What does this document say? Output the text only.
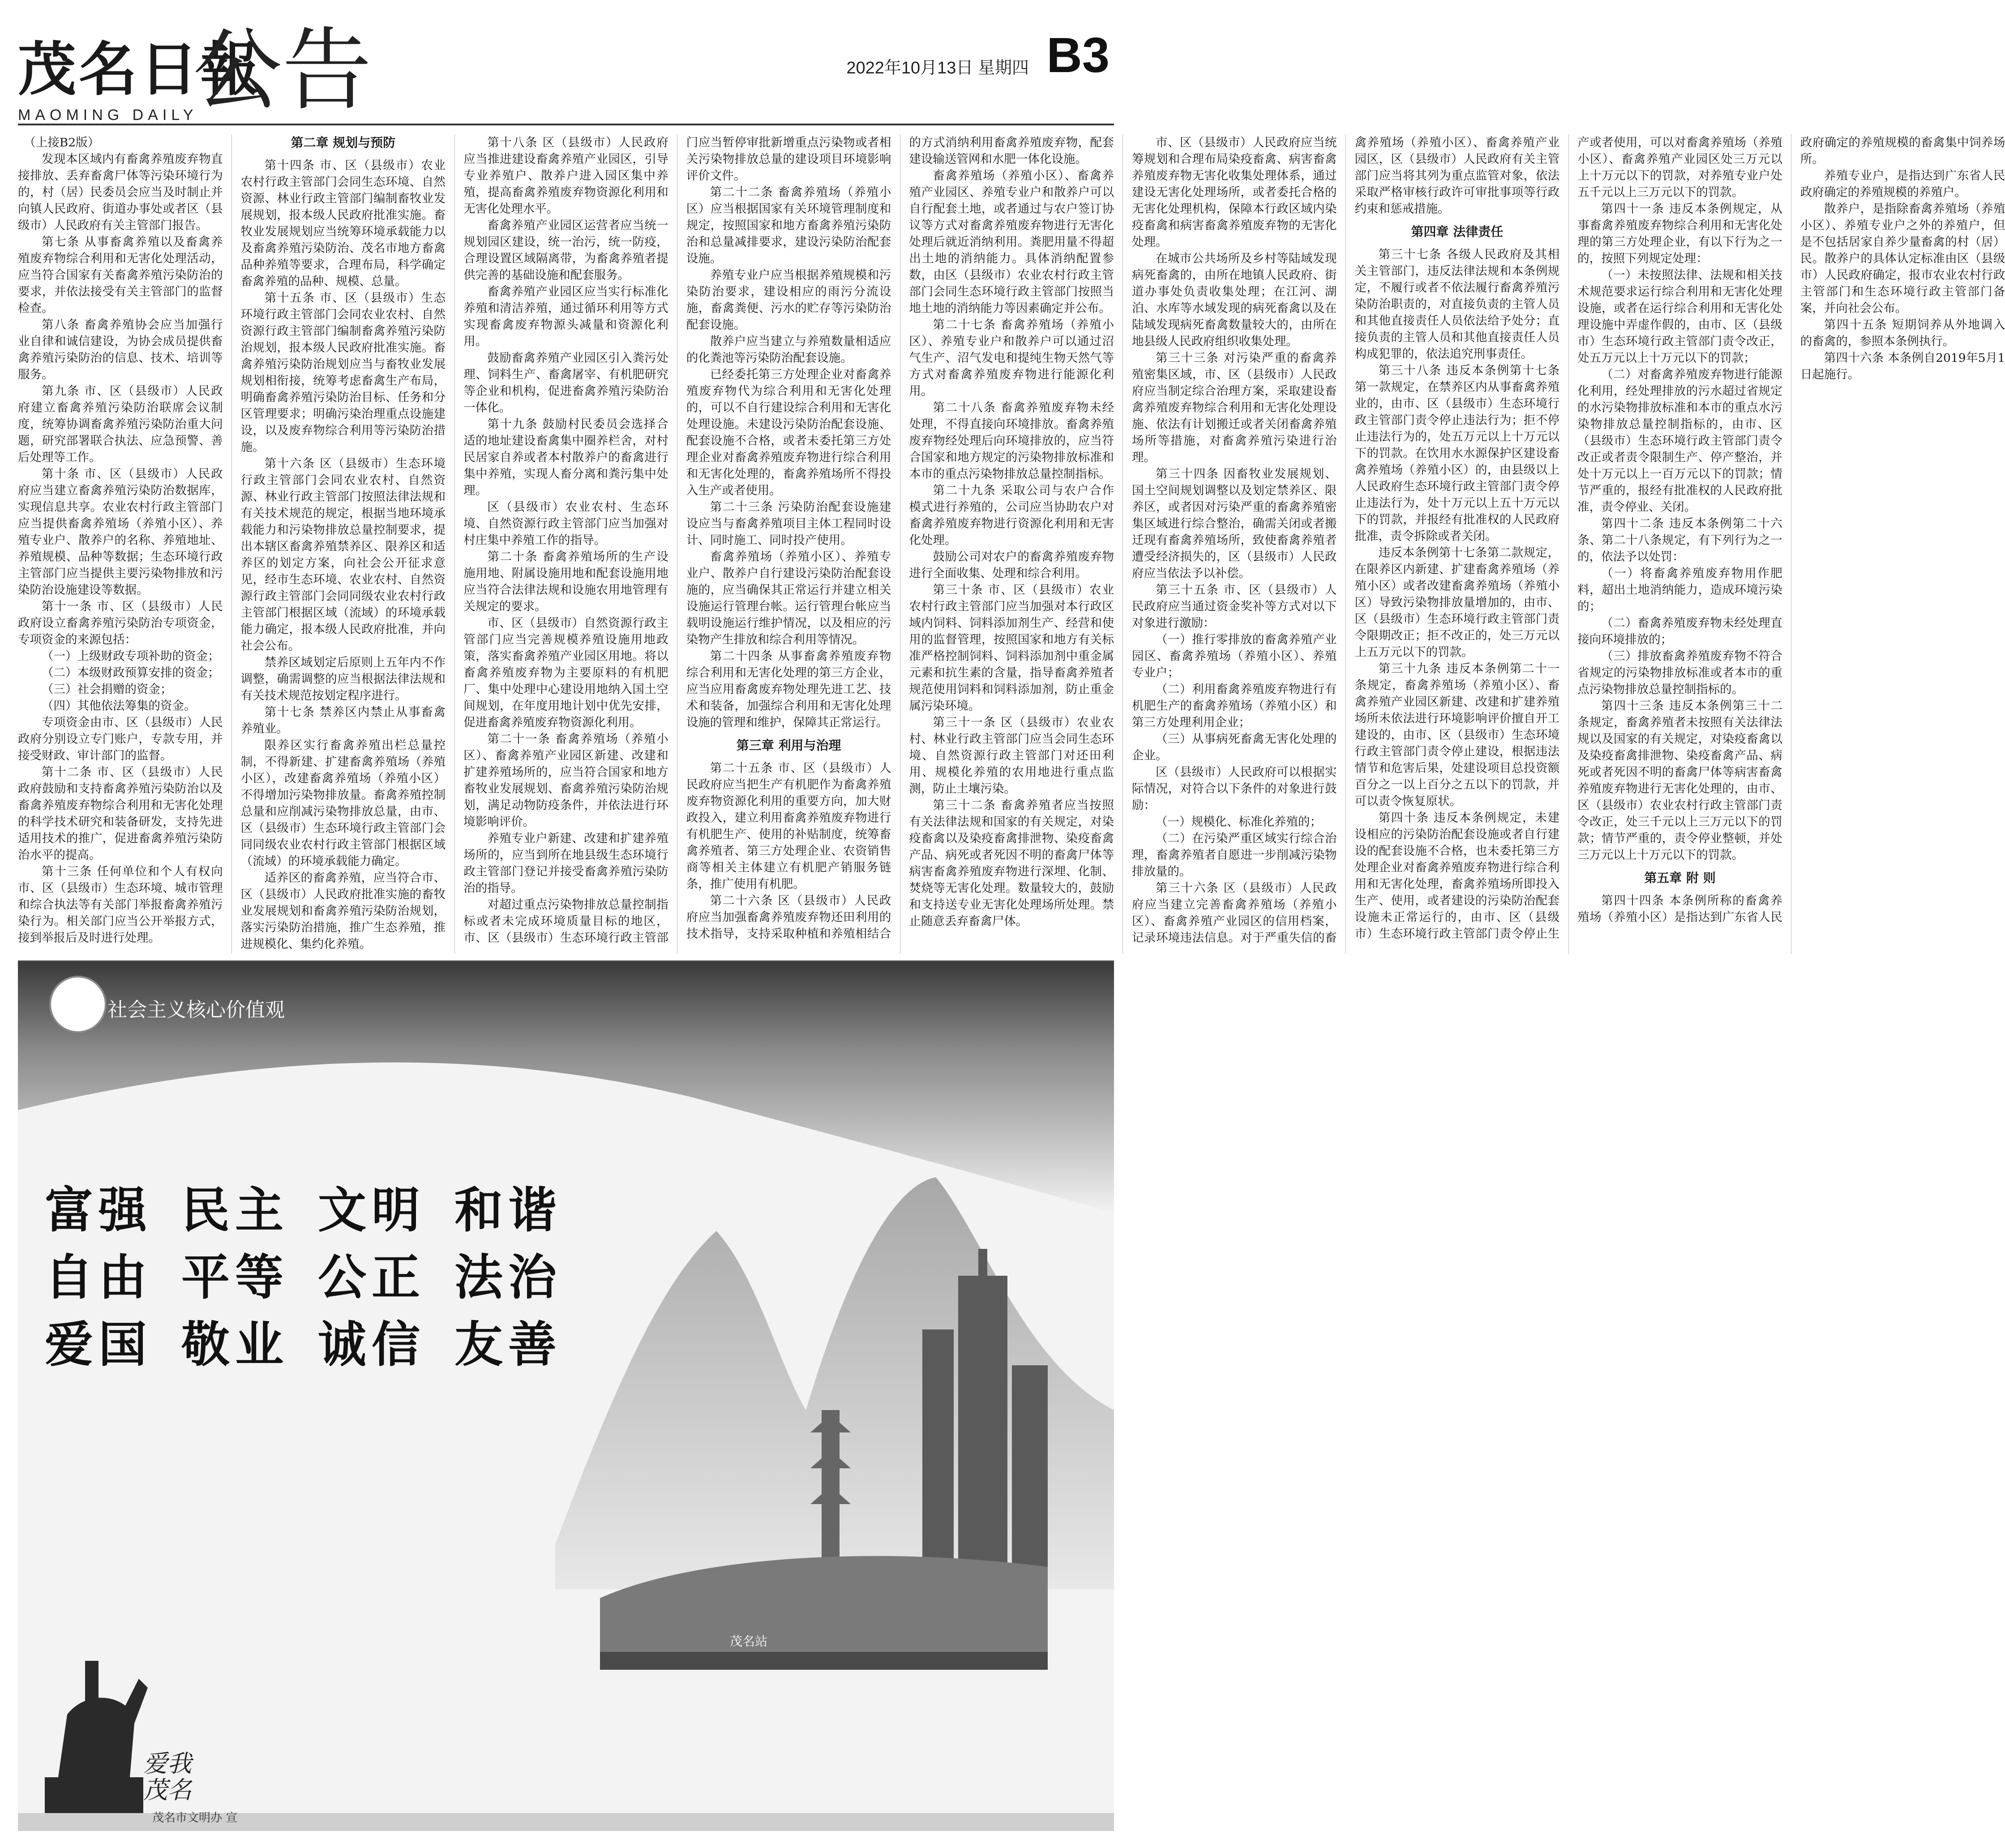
茂名日報
MAOMING DAILY
公告	2022年10月13日 星期四 B3

（上接B2版）

发现本区域内有畜禽养殖废弃物直接排放、丢弃畜禽尸体等污染环境行为的，村（居）民委员会应当及时制止并向镇人民政府、街道办事处或者区（县级市）人民政府有关主管部门报告。

第七条 从事畜禽养殖以及畜禽养殖废弃物综合利用和无害化处理活动，应当符合国家有关畜禽养殖污染防治的要求，并依法接受有关主管部门的监督检查。

第八条 畜禽养殖协会应当加强行业自律和诚信建设，为协会成员提供畜禽养殖污染防治的信息、技术、培训等服务。

第九条 市、区（县级市）人民政府建立畜禽养殖污染防治联席会议制度，统筹协调畜禽养殖污染防治重大问题，研究部署联合执法、应急预警、善后处理等工作。

第十条 市、区（县级市）人民政府应当建立畜禽养殖污染防治数据库，实现信息共享。农业农村行政主管部门应当提供畜禽养殖场（养殖小区）、养殖专业户、散养户的名称、养殖地址、养殖规模、品种等数据；生态环境行政主管部门应当提供主要污染物排放和污染防治设施建设等数据。

第十一条 市、区（县级市）人民政府设立畜禽养殖污染防治专项资金，专项资金的来源包括：

（一）上级财政专项补助的资金；

（二）本级财政预算安排的资金；

（三）社会捐赠的资金；

（四）其他依法筹集的资金。

专项资金由市、区（县级市）人民政府分别设立专门账户，专款专用，并接受财政、审计部门的监督。

第十二条 市、区（县级市）人民政府鼓励和支持畜禽养殖污染防治以及畜禽养殖废弃物综合利用和无害化处理的科学技术研究和装备研发，支持先进适用技术的推广，促进畜禽养殖污染防治水平的提高。

第十三条 任何单位和个人有权向市、区（县级市）生态环境、城市管理和综合执法等有关部门举报畜禽养殖污染行为。相关部门应当公开举报方式，接到举报后及时进行处理。

第二章 规划与预防

第十四条 市、区（县级市）农业农村行政主管部门会同生态环境、自然资源、林业行政主管部门编制畜牧业发展规划，报本级人民政府批准实施。畜牧业发展规划应当统筹环境承载能力以及畜禽养殖污染防治、茂名市地方畜禽品种养殖等要求，合理布局，科学确定畜禽养殖的品种、规模、总量。

第十五条 市、区（县级市）生态环境行政主管部门会同农业农村、自然资源行政主管部门编制畜禽养殖污染防治规划，报本级人民政府批准实施。畜禽养殖污染防治规划应当与畜牧业发展规划相衔接，统筹考虑畜禽生产布局，明确畜禽养殖污染防治目标、任务和分区管理要求；明确污染治理重点设施建设，以及废弃物综合利用等污染防治措施。

第十六条 区（县级市）生态环境行政主管部门会同农业农村、自然资源、林业行政主管部门按照法律法规和有关技术规范的规定，根据当地环境承载能力和污染物排放总量控制要求，提出本辖区畜禽养殖禁养区、限养区和适养区的划定方案，向社会公开征求意见，经市生态环境、农业农村、自然资源行政主管部门会同同级农业农村行政主管部门根据区域（流域）的环境承载能力确定，报本级人民政府批准，并向社会公布。

禁养区域划定后原则上五年内不作调整，确需调整的应当根据法律法规和有关技术规范按划定程序进行。

第十七条 禁养区内禁止从事畜禽养殖业。

限养区实行畜禽养殖出栏总量控制，不得新建、扩建畜禽养殖场（养殖小区），改建畜禽养殖场（养殖小区）不得增加污染物排放量。畜禽养殖控制总量和应削减污染物排放总量，由市、区（县级市）生态环境行政主管部门会同同级农业农村行政主管部门根据区域（流域）的环境承载能力确定。

适养区的畜禽养殖，应当符合市、区（县级市）人民政府批准实施的畜牧业发展规划和畜禽养殖污染防治规划，落实污染防治措施，推广生态养殖，推进规模化、集约化养殖。

第十八条 区（县级市）人民政府应当推进建设畜禽养殖产业园区，引导专业养殖户、散养户进入园区集中养殖，提高畜禽养殖废弃物资源化利用和无害化处理水平。

畜禽养殖产业园区运营者应当统一规划园区建设，统一治污，统一防疫，合理设置区域隔离带，为畜禽养殖者提供完善的基础设施和配套服务。

畜禽养殖产业园区应当实行标准化养殖和清洁养殖，通过循环利用等方式实现畜禽废弃物源头减量和资源化利用。

鼓励畜禽养殖产业园区引入粪污处理、饲料生产、畜禽屠宰、有机肥研究等企业和机构，促进畜禽养殖污染防治一体化。

第十九条 鼓励村民委员会选择合适的地址建设畜禽集中圈养栏舍，对村民居家自养或者本村散养户的畜禽进行集中养殖，实现人畜分离和粪污集中处理。

区（县级市）农业农村、生态环境、自然资源行政主管部门应当加强对村庄集中养殖工作的指导。

第二十条 畜禽养殖场所的生产设施用地、附属设施用地和配套设施用地应当符合法律法规和设施农用地管理有关规定的要求。

市、区（县级市）自然资源行政主管部门应当完善规模养殖设施用地政策，落实畜禽养殖产业园区用地。将以畜禽养殖废弃物为主要原料的有机肥厂、集中处理中心建设用地纳入国土空间规划，在年度用地计划中优先安排，促进畜禽养殖废弃物资源化利用。

第二十一条 畜禽养殖场（养殖小区）、畜禽养殖产业园区新建、改建和扩建养殖场所的，应当符合国家和地方畜牧业发展规划、畜禽养殖污染防治规划，满足动物防疫条件，并依法进行环境影响评价。

养殖专业户新建、改建和扩建养殖场所的，应当到所在地县级生态环境行政主管部门登记并接受畜禽养殖污染防治的指导。

对超过重点污染物排放总量控制指标或者未完成环境质量目标的地区，市、区（县级市）生态环境行政主管部门应当暂停审批新增重点污染物或者相关污染物排放总量的建设项目环境影响评价文件。

第二十二条 畜禽养殖场（养殖小区）应当根据国家有关环境管理制度和规定，按照国家和地方畜禽养殖污染防治和总量减排要求，建设污染防治配套设施。

养殖专业户应当根据养殖规模和污染防治要求，建设相应的雨污分流设施，畜禽粪便、污水的贮存等污染防治配套设施。

散养户应当建立与养殖数量相适应的化粪池等污染防治配套设施。

已经委托第三方处理企业对畜禽养殖废弃物代为综合利用和无害化处理的，可以不自行建设综合利用和无害化处理设施。未建设污染防治配套设施、配套设施不合格，或者未委托第三方处理企业对畜禽养殖废弃物进行综合利用和无害化处理的，畜禽养殖场所不得投入生产或者使用。

第二十三条 污染防治配套设施建设应当与畜禽养殖项目主体工程同时设计、同时施工、同时投产使用。

畜禽养殖场（养殖小区）、养殖专业户、散养户自行建设污染防治配套设施的，应当确保其正常运行并建立相关设施运行管理台帐。运行管理台帐应当载明设施运行维护情况，以及相应的污染物产生排放和综合利用等情况。

第二十四条 从事畜禽养殖废弃物综合利用和无害化处理的第三方企业，应当应用畜禽废弃物处理先进工艺、技术和装备，加强综合利用和无害化处理设施的管理和维护，保障其正常运行。

第三章 利用与治理

第二十五条 市、区（县级市）人民政府应当把生产有机肥作为畜禽养殖废弃物资源化利用的重要方向，加大财政投入，建立利用畜禽养殖废弃物进行有机肥生产、使用的补贴制度，统筹畜禽养殖者、第三方处理企业、农资销售商等相关主体建立有机肥产销服务链条，推广使用有机肥。

第二十六条 区（县级市）人民政府应当加强畜禽养殖废弃物还田利用的技术指导，支持采取种植和养殖相结合的方式消纳利用畜禽养殖废弃物，配套建设输送管网和水肥一体化设施。

畜禽养殖场（养殖小区）、畜禽养殖产业园区、养殖专业户和散养户可以自行配套土地，或者通过与农户签订协议等方式对畜禽养殖废弃物进行无害化处理后就近消纳利用。粪肥用量不得超出土地的消纳能力。具体消纳配置参数，由区（县级市）农业农村行政主管部门会同生态环境行政主管部门按照当地土地的消纳能力等因素确定并公布。

第二十七条 畜禽养殖场（养殖小区）、养殖专业户和散养户可以通过沼气生产、沼气发电和提纯生物天然气等方式对畜禽养殖废弃物进行能源化利用。

第二十八条 畜禽养殖废弃物未经处理，不得直接向环境排放。畜禽养殖废弃物经处理后向环境排放的，应当符合国家和地方规定的污染物排放标准和本市的重点污染物排放总量控制指标。

第二十九条 采取公司与农户合作模式进行养殖的，公司应当协助农户对畜禽养殖废弃物进行资源化利用和无害化处理。

鼓励公司对农户的畜禽养殖废弃物进行全面收集、处理和综合利用。

第三十条 市、区（县级市）农业农村行政主管部门应当加强对本行政区域内饲料、饲料添加剂生产、经营和使用的监督管理，按照国家和地方有关标准严格控制饲料、饲料添加剂中重金属元素和抗生素的含量，指导畜禽养殖者规范使用饲料和饲料添加剂，防止重金属污染环境。

第三十一条 区（县级市）农业农村、林业行政主管部门应当会同生态环境、自然资源行政主管部门对还田利用、规模化养殖的农用地进行重点监测，防止土壤污染。

第三十二条 畜禽养殖者应当按照有关法律法规和国家的有关规定，对染疫畜禽以及染疫畜禽排泄物、染疫畜禽产品、病死或者死因不明的畜禽尸体等病害畜禽养殖废弃物进行深埋、化制、焚烧等无害化处理。数量较大的，鼓励和支持送专业无害化处理场所处理。禁止随意丢弃畜禽尸体。

市、区（县级市）人民政府应当统筹规划和合理布局染疫畜禽、病害畜禽养殖废弃物无害化收集处理体系，通过建设无害化处理场所，或者委托合格的无害化处理机构，保障本行政区域内染疫畜禽和病害畜禽养殖废弃物的无害化处理。

在城市公共场所及乡村等陆域发现病死畜禽的，由所在地镇人民政府、街道办事处负责收集处理；在江河、湖泊、水库等水域发现的病死畜禽以及在陆域发现病死畜禽数量较大的，由所在地县级人民政府组织收集处理。

第三十三条 对污染严重的畜禽养殖密集区域，市、区（县级市）人民政府应当制定综合治理方案，采取建设畜禽养殖废弃物综合利用和无害化处理设施、依法有计划搬迁或者关闭畜禽养殖场所等措施，对畜禽养殖污染进行治理。

第三十四条 因畜牧业发展规划、国土空间规划调整以及划定禁养区、限养区，或者因对污染严重的畜禽养殖密集区域进行综合整治，确需关闭或者搬迁现有畜禽养殖场所，致使畜禽养殖者遭受经济损失的，区（县级市）人民政府应当依法予以补偿。

第三十五条 市、区（县级市）人民政府应当通过资金奖补等方式对以下对象进行激励：

（一）推行零排放的畜禽养殖产业园区、畜禽养殖场（养殖小区）、养殖专业户；

（二）利用畜禽养殖废弃物进行有机肥生产的畜禽养殖场（养殖小区）和第三方处理利用企业；

（三）从事病死畜禽无害化处理的企业。

区（县级市）人民政府可以根据实际情况，对符合以下条件的对象进行鼓励：

（一）规模化、标准化养殖的；

（二）在污染严重区域实行综合治理，畜禽养殖者自愿进一步削减污染物排放量的。

第三十六条 区（县级市）人民政府应当建立完善畜禽养殖场（养殖小区）、畜禽养殖产业园区的信用档案，记录环境违法信息。对于严重失信的畜禽养殖场（养殖小区）、畜禽养殖产业园区，区（县级市）人民政府有关主管部门应当将其列为重点监管对象，依法采取严格审核行政许可审批事项等行政约束和惩戒措施。

第四章 法律责任

第三十七条 各级人民政府及其相关主管部门，违反法律法规和本条例规定，不履行或者不依法履行畜禽养殖污染防治职责的，对直接负责的主管人员和其他直接责任人员依法给予处分；直接负责的主管人员和其他直接责任人员构成犯罪的，依法追究刑事责任。

第三十八条 违反本条例第十七条第一款规定，在禁养区内从事畜禽养殖业的，由市、区（县级市）生态环境行政主管部门责令停止违法行为；拒不停止违法行为的，处五万元以上十万元以下的罚款。在饮用水水源保护区建设畜禽养殖场（养殖小区）的，由县级以上人民政府生态环境行政主管部门责令停止违法行为，处十万元以上五十万元以下的罚款，并报经有批准权的人民政府批准，责令拆除或者关闭。

违反本条例第十七条第二款规定，在限养区内新建、扩建畜禽养殖场（养殖小区）或者改建畜禽养殖场（养殖小区）导致污染物排放量增加的，由市、区（县级市）生态环境行政主管部门责令限期改正；拒不改正的，处三万元以上五万元以下的罚款。

第三十九条 违反本条例第二十一条规定，畜禽养殖场（养殖小区）、畜禽养殖产业园区新建、改建和扩建养殖场所未依法进行环境影响评价擅自开工建设的，由市、区（县级市）生态环境行政主管部门责令停止建设，根据违法情节和危害后果，处建设项目总投资额百分之一以上百分之五以下的罚款，并可以责令恢复原状。

第四十条 违反本条例规定，未建设相应的污染防治配套设施或者自行建设的配套设施不合格，也未委托第三方处理企业对畜禽养殖废弃物进行综合利用和无害化处理，畜禽养殖场所即投入生产、使用，或者建设的污染防治配套设施未正常运行的，由市、区（县级市）生态环境行政主管部门责令停止生产或者使用，可以对畜禽养殖场（养殖小区）、畜禽养殖产业园区处三万元以上十万元以下的罚款，对养殖专业户处五千元以上三万元以下的罚款。

第四十一条 违反本条例规定，从事畜禽养殖废弃物综合利用和无害化处理的第三方处理企业，有以下行为之一的，按照下列规定处理：

（一）未按照法律、法规和相关技术规范要求运行综合利用和无害化处理设施，或者在运行综合利用和无害化处理设施中弄虚作假的，由市、区（县级市）生态环境行政主管部门责令改正，处五万元以上十万元以下的罚款；

（二）对畜禽养殖废弃物进行能源化利用，经处理排放的污水超过省规定的水污染物排放标准和本市的重点水污染物排放总量控制指标的，由市、区（县级市）生态环境行政主管部门责令改正或者责令限制生产、停产整治，并处十万元以上一百万元以下的罚款；情节严重的，报经有批准权的人民政府批准，责令停业、关闭。

第四十二条 违反本条例第二十六条、第二十八条规定，有下列行为之一的，依法予以处罚：

（一）将畜禽养殖废弃物用作肥料，超出土地消纳能力，造成环境污染的；

（二）畜禽养殖废弃物未经处理直接向环境排放的；

（三）排放畜禽养殖废弃物不符合省规定的污染物排放标准或者本市的重点污染物排放总量控制指标的。

第四十三条 违反本条例第三十二条规定，畜禽养殖者未按照有关法律法规以及国家的有关规定，对染疫畜禽以及染疫畜禽排泄物、染疫畜禽产品、病死或者死因不明的畜禽尸体等病害畜禽养殖废弃物进行无害化处理的，由市、区（县级市）农业农村行政主管部门责令改正，处三千元以上三万元以下的罚款；情节严重的，责令停业整顿，并处三万元以上十万元以下的罚款。

第五章 附 则

第四十四条 本条例所称的畜禽养殖场（养殖小区）是指达到广东省人民政府确定的养殖规模的畜禽集中饲养场所。

养殖专业户，是指达到广东省人民政府确定的养殖规模的养殖户。

散养户，是指除畜禽养殖场（养殖小区）、养殖专业户之外的养殖户，但是不包括居家自养少量畜禽的村（居）民。散养户的具体认定标准由区（县级市）人民政府确定，报市农业农村行政主管部门和生态环境行政主管部门备案，并向社会公布。

第四十五条 短期饲养从外地调入的畜禽的，参照本条例执行。

第四十六条 本条例自2019年5月1日起施行。

社会主义核心价值观
富强 民主 文明 和谐
自由 平等 公正 法治
爱国 敬业 诚信 友善
爱我
茂名
茂名市文明办 宣
茂名站
